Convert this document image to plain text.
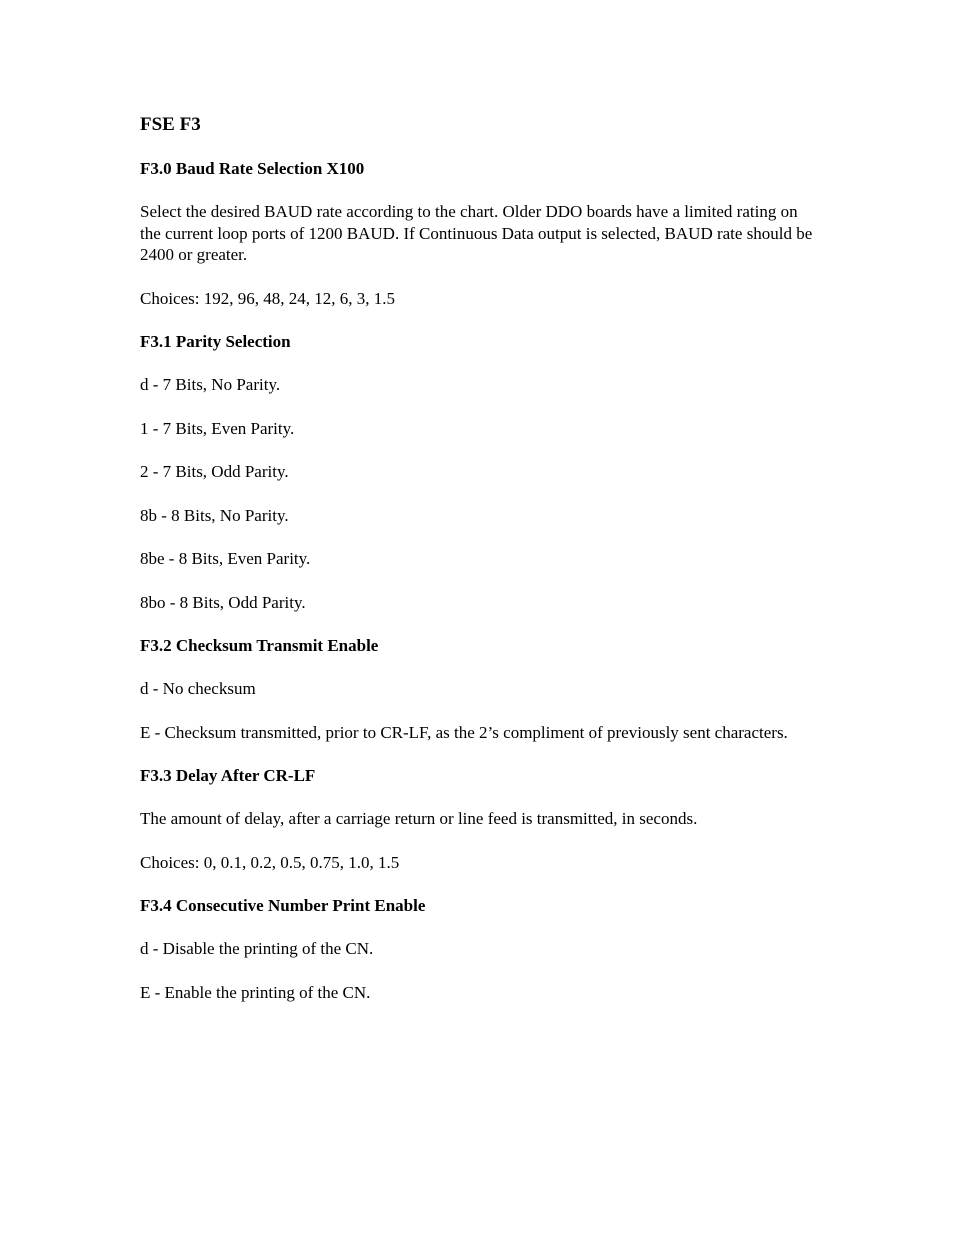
FSE F3
F3.0 Baud Rate Selection X100

Select the desired BAUD rate according to the chart. Older DDO boards have a limited rating on the current loop ports of 1200 BAUD. If Continuous Data output is selected, BAUD rate should be 2400 or greater.

Choices: 192, 96, 48, 24, 12, 6, 3, 1.5

F3.1 Parity Selection

d - 7 Bits, No Parity.

1 - 7 Bits, Even Parity.

2 - 7 Bits, Odd Parity.

8b - 8 Bits, No Parity.

8be - 8 Bits, Even Parity.

8bo - 8 Bits, Odd Parity.

F3.2 Checksum Transmit Enable

d - No checksum

E - Checksum transmitted, prior to CR-LF, as the 2’s compliment of previously sent characters.

F3.3 Delay After CR-LF

The amount of delay, after a carriage return or line feed is transmitted, in seconds.

Choices: 0, 0.1, 0.2, 0.5, 0.75, 1.0, 1.5

F3.4 Consecutive Number Print Enable

d - Disable the printing of the CN.

E - Enable the printing of the CN.
